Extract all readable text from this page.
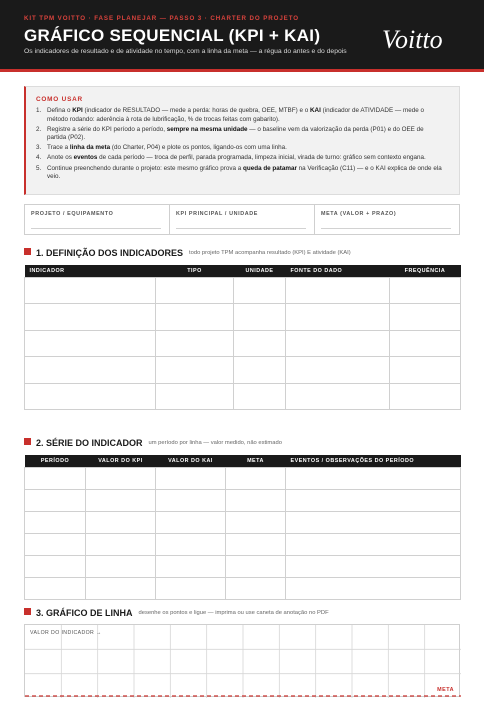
KIT TPM VOITTO · FASE PLANEJAR — PASSO 3 · CHARTER DO PROJETO
GRÁFICO SEQUENCIAL (KPI + KAI)
Os indicadores de resultado e de atividade no tempo, com a linha da meta — a régua do antes e do depois Voitto
COMO USAR
1. Defina o KPI (indicador de RESULTADO — mede a perda: horas de quebra, OEE, MTBF) e o KAI (indicador de ATIVIDADE — mede o método rodando: aderência à rota de lubrificação, % de trocas feitas com gabarito).
2. Registre a série do KPI período a período, sempre na mesma unidade — o baseline vem da valorização da perda (P01) e do OEE de partida (P02).
3. Trace a linha da meta (do Charter, P04) e plote os pontos, ligando-os com uma linha.
4. Anote os eventos de cada período — troca de perfil, parada programada, limpeza inicial, virada de turno: gráfico sem contexto engana.
5. Continue preenchendo durante o projeto: este mesmo gráfico prova a queda de patamar na Verificação (C11) — e o KAI explica de onde ela veio.
PROJETO / EQUIPAMENTO	KPI PRINCIPAL / UNIDADE	META (VALOR + PRAZO)
1. DEFINIÇÃO DOS INDICADORES todo projeto TPM acompanha resultado (KPI) E atividade (KAI)
INDICADOR	TIPO	UNIDADE	FONTE DO DADO	FREQUÊNCIA

2. SÉRIE DO INDICADOR um período por linha — valor medido, não estimado
PERÍODO	VALOR DO KPI	VALOR DO KAI	META	EVENTOS / OBSERVAÇÕES DO PERÍODO

3. GRÁFICO DE LINHA desenhe os pontos e ligue — imprima ou use caneta de anotação no PDF
VALOR DO INDICADOR →
META
